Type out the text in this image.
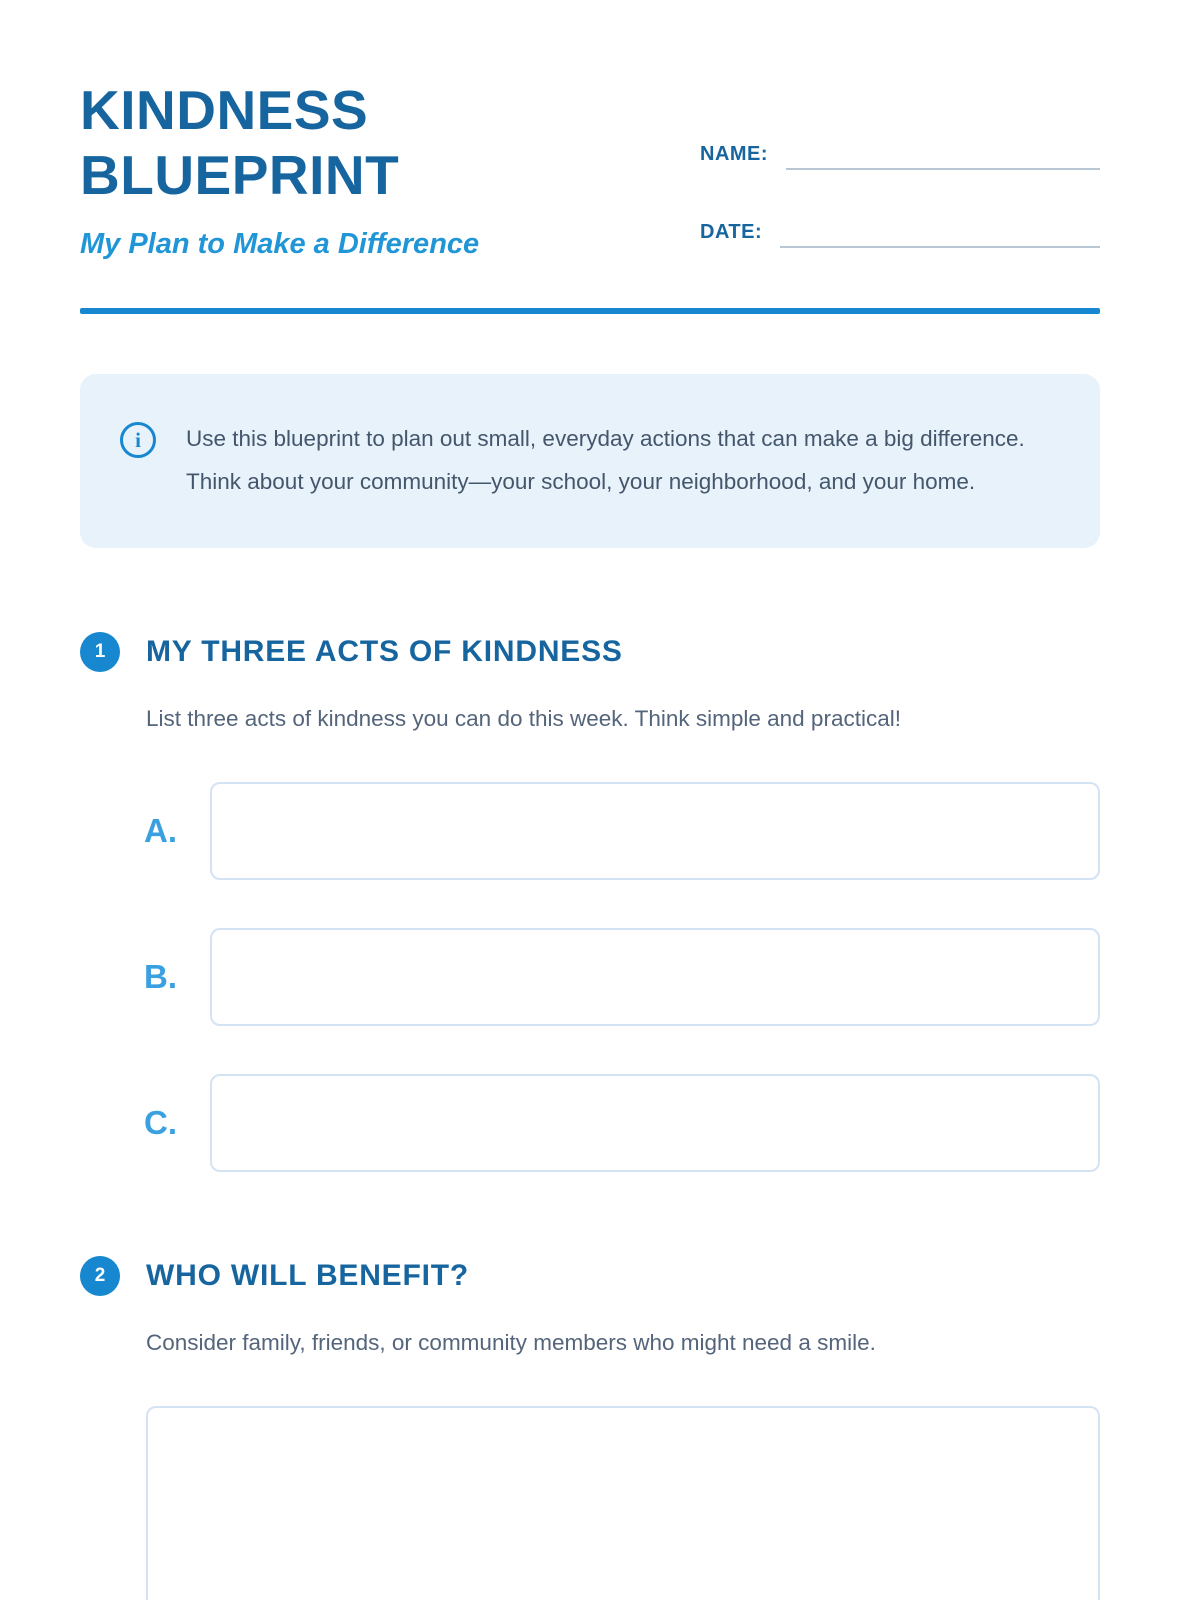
KINDNESS
BLUEPRINT
My Plan to Make a Difference
NAME:
DATE:
i	Use this blueprint to plan out small, everyday actions that can make a big difference. Think about your community—your school, your neighborhood, and your home.
1	MY THREE ACTS OF KINDNESS
List three acts of kindness you can do this week. Think simple and practical!
A.
B.
C.
2	WHO WILL BENEFIT?
Consider family, friends, or community members who might need a smile.
